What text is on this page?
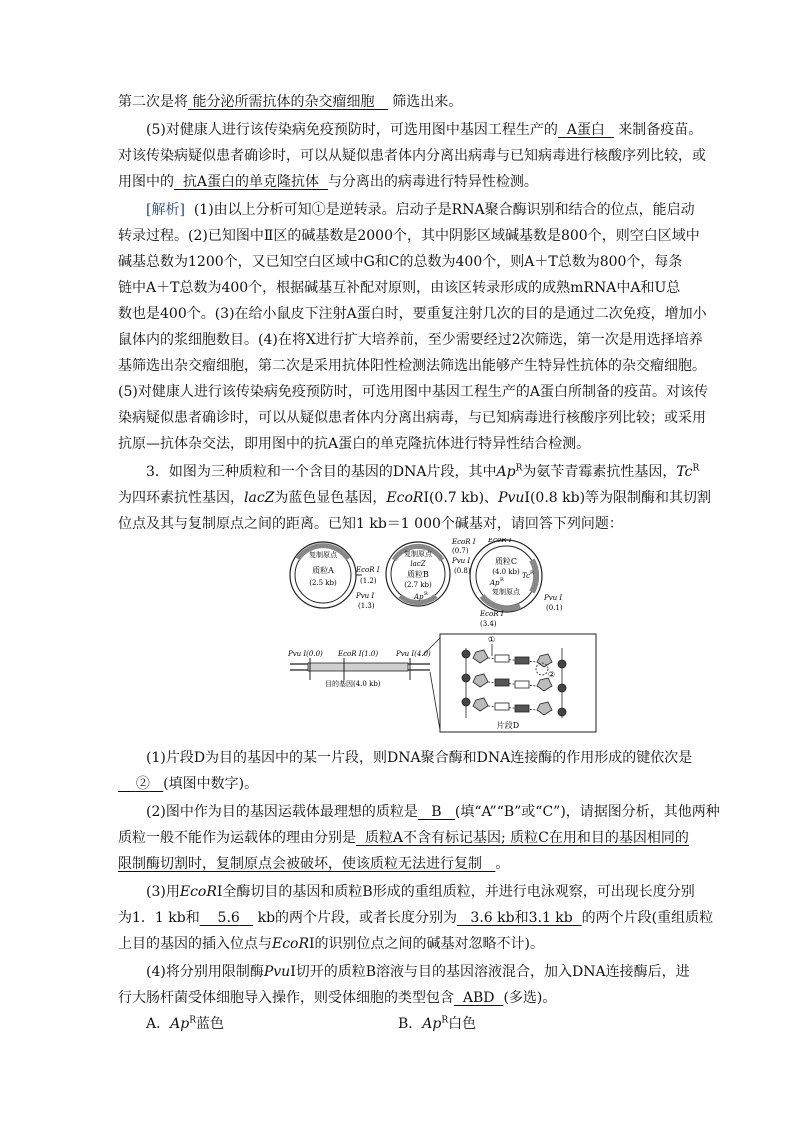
第二次是将 能分泌所需抗体的杂交瘤细胞 筛选出来。
(5)对健康人进行该传染病免疫预防时，可选用图中基因工程生产的 A蛋白 来制备疫苗。
对该传染病疑似患者确诊时，可以从疑似患者体内分离出病毒与已知病毒进行核酸序列比较，或
用图中的 抗A蛋白的单克隆抗体 与分离出的病毒进行特异性检测。
[解析] (1)由以上分析可知①是逆转录。启动子是RNA聚合酶识别和结合的位点，能启动
转录过程。(2)已知图中Ⅱ区的碱基数是2000个，其中阴影区域碱基数是800个，则空白区域中
碱基总数为1200个，又已知空白区域中G和C的总数为400个，则A＋T总数为800个，每条
链中A＋T总数为400个，根据碱基互补配对原则，由该区转录形成的成熟mRNA中A和U总
数也是400个。(3)在给小鼠皮下注射A蛋白时，要重复注射几次的目的是通过二次免疫，增加小
鼠体内的浆细胞数目。(4)在将X进行扩大培养前，至少需要经过2次筛选，第一次是用选择培养
基筛选出杂交瘤细胞，第二次是采用抗体阳性检测法筛选出能够产生特异性抗体的杂交瘤细胞。
(5)对健康人进行该传染病免疫预防时，可选用图中基因工程生产的A蛋白所制备的疫苗。对该传
染病疑似患者确诊时，可以从疑似患者体内分离出病毒，与已知病毒进行核酸序列比较；或采用
抗原—抗体杂交法，即用图中的抗A蛋白的单克隆抗体进行特异性结合检测。
3．如图为三种质粒和一个含目的基因的DNA片段，其中$Ap^R$为氨苄青霉素抗性基因，$Tc^R$
为四环素抗性基因，lacZ为蓝色显色基因，EcoRⅠ(0.7 kb)、PvuⅠ(0.8 kb)等为限制酶和其切割
位点及其与复制原点之间的距离。已知1 kb＝1 000个碱基对，请回答下列问题：
复制原点
质粒A
(2.5 kb)
EcoR Ⅰ
(1.2)
Pvu Ⅰ
(1.3)
复制原点
lacZ
质粒B
(2.7 kb)
Ap R
EcoR Ⅰ
(0.7)
Pvu Ⅰ
(0.8)
EcoR Ⅰ
质粒C
(4.0 kb)
Ap R	Tc R
复制原点
Pvu Ⅰ
(0.1)
EcoR Ⅰ
(3.4)
Pvu Ⅰ(0.0) EcoR Ⅰ(1.0)	Pvu Ⅰ(4.0)
目的基因(4.0 kb)
①
②
片段D
(1)片段D为目的基因中的某一片段，则DNA聚合酶和DNA连接酶的作用形成的键依次是
② (填图中数字)。
(2)图中作为目的基因运载体最理想的质粒是 B (填“A”“B”或“C”)，请据图分析，其他两种
质粒一般不能作为运载体的理由分别是 质粒A不含有标记基因; 质粒C在用和目的基因相同的
限制酶切割时，复制原点会被破坏，使该质粒无法进行复制 。
(3)用EcoRⅠ全酶切目的基因和质粒B形成的重组质粒，并进行电泳观察，可出现长度分别
为1．1 kb和 5.6 kb的两个片段，或者长度分别为 3.6 kb和3.1 kb 的两个片段(重组质粒
上目的基因的插入位点与EcoRⅠ的识别位点之间的碱基对忽略不计)。
(4)将分别用限制酶PvuⅠ切开的质粒B溶液与目的基因溶液混合，加入DNA连接酶后，进
行大肠杆菌受体细胞导入操作，则受体细胞的类型包含 ABD (多选)。
A．$Ap^R$蓝色	B．$Ap^R$白色
